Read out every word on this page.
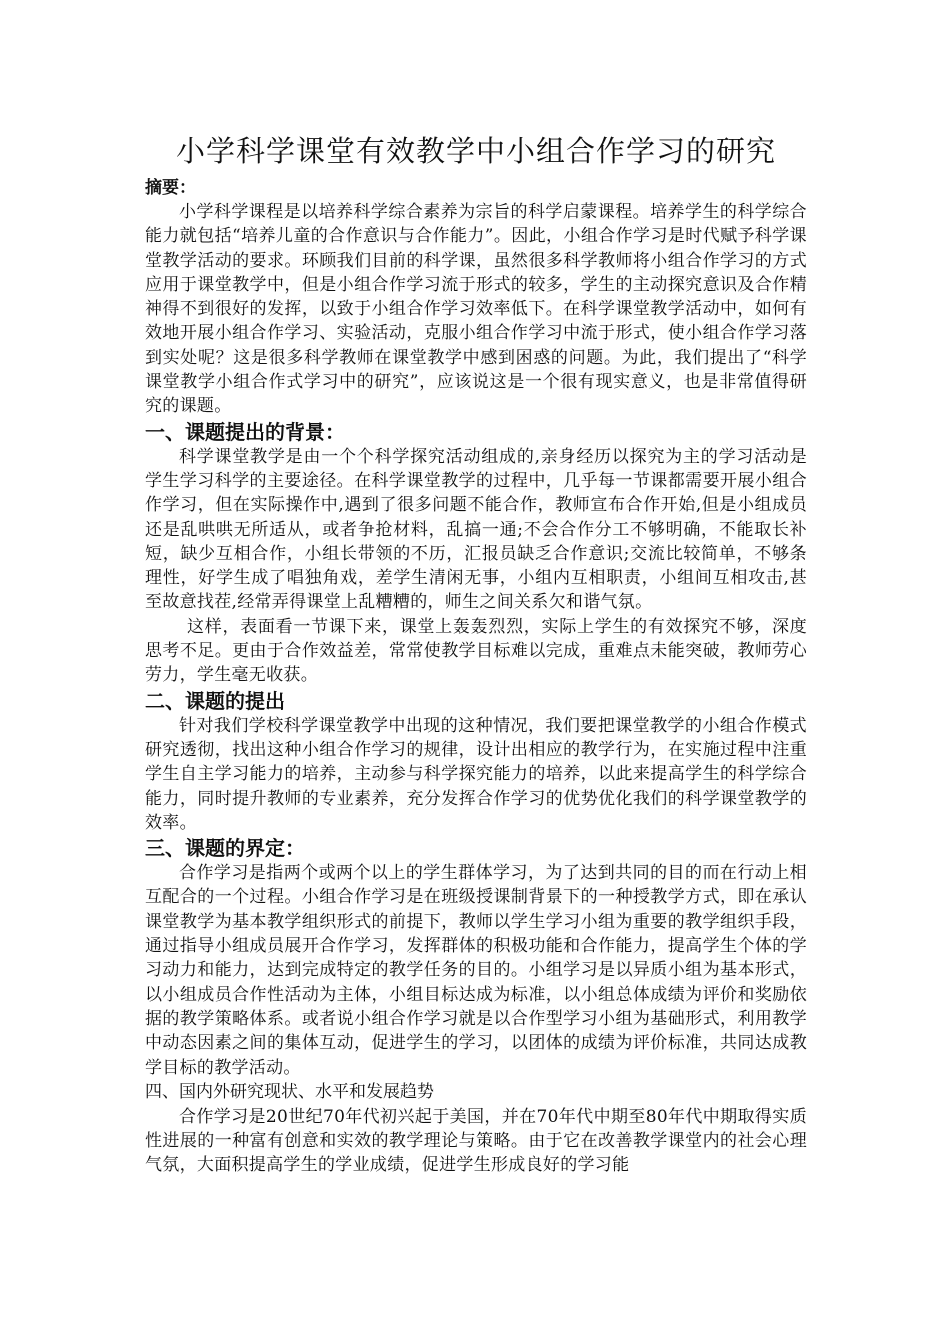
小学科学课堂有效教学中小组合作学习的研究
摘要：

小学科学课程是以培养科学综合素养为宗旨的科学启蒙课程。培养学生的科学综合能力就包括“培养儿童的合作意识与合作能力”。因此，小组合作学习是时代赋予科学课堂教学活动的要求。环顾我们目前的科学课，虽然很多科学教师将小组合作学习的方式应用于课堂教学中，但是小组合作学习流于形式的较多，学生的主动探究意识及合作精神得不到很好的发挥，以致于小组合作学习效率低下。在科学课堂教学活动中，如何有效地开展小组合作学习、实验活动，克服小组合作学习中流于形式，使小组合作学习落到实处呢？这是很多科学教师在课堂教学中感到困惑的问题。为此，我们提出了“科学课堂教学小组合作式学习中的研究”，应该说这是一个很有现实意义，也是非常值得研究的课题。

一、课题提出的背景：

科学课堂教学是由一个个科学探究活动组成的,亲身经历以探究为主的学习活动是学生学习科学的主要途径。在科学课堂教学的过程中，几乎每一节课都需要开展小组合作学习，但在实际操作中,遇到了很多问题不能合作，教师宣布合作开始,但是小组成员还是乱哄哄无所适从，或者争抢材料，乱搞一通;不会合作分工不够明确，不能取长补短，缺少互相合作，小组长带领的不历，汇报员缺乏合作意识;交流比较简单，不够条理性，好学生成了唱独角戏，差学生清闲无事，小组内互相职责，小组间互相攻击,甚至故意找茬,经常弄得课堂上乱糟糟的，师生之间关系欠和谐气氛。

这样，表面看一节课下来，课堂上轰轰烈烈，实际上学生的有效探究不够，深度思考不足。更由于合作效益差，常常使教学目标难以完成，重难点未能突破，教师劳心劳力，学生毫无收获。

二、课题的提出

针对我们学校科学课堂教学中出现的这种情况，我们要把课堂教学的小组合作模式研究透彻，找出这种小组合作学习的规律，设计出相应的教学行为，在实施过程中注重学生自主学习能力的培养，主动参与科学探究能力的培养，以此来提高学生的科学综合能力，同时提升教师的专业素养，充分发挥合作学习的优势优化我们的科学课堂教学的效率。

三、课题的界定：

合作学习是指两个或两个以上的学生群体学习，为了达到共同的目的而在行动上相互配合的一个过程。小组合作学习是在班级授课制背景下的一种授教学方式，即在承认课堂教学为基本教学组织形式的前提下，教师以学生学习小组为重要的教学组织手段，通过指导小组成员展开合作学习，发挥群体的积极功能和合作能力，提高学生个体的学习动力和能力，达到完成特定的教学任务的目的。小组学习是以异质小组为基本形式，以小组成员合作性活动为主体，小组目标达成为标准，以小组总体成绩为评价和奖励依据的教学策略体系。或者说小组合作学习就是以合作型学习小组为基础形式，利用教学中动态因素之间的集体互动，促进学生的学习，以团体的成绩为评价标准，共同达成教学目标的教学活动。

四、国内外研究现状、水平和发展趋势

合作学习是20世纪70年代初兴起于美国，并在70年代中期至80年代中期取得实质性进展的一种富有创意和实效的教学理论与策略。由于它在改善教学课堂内的社会心理气氛，大面积提高学生的学业成绩，促进学生形成良好的学习能
